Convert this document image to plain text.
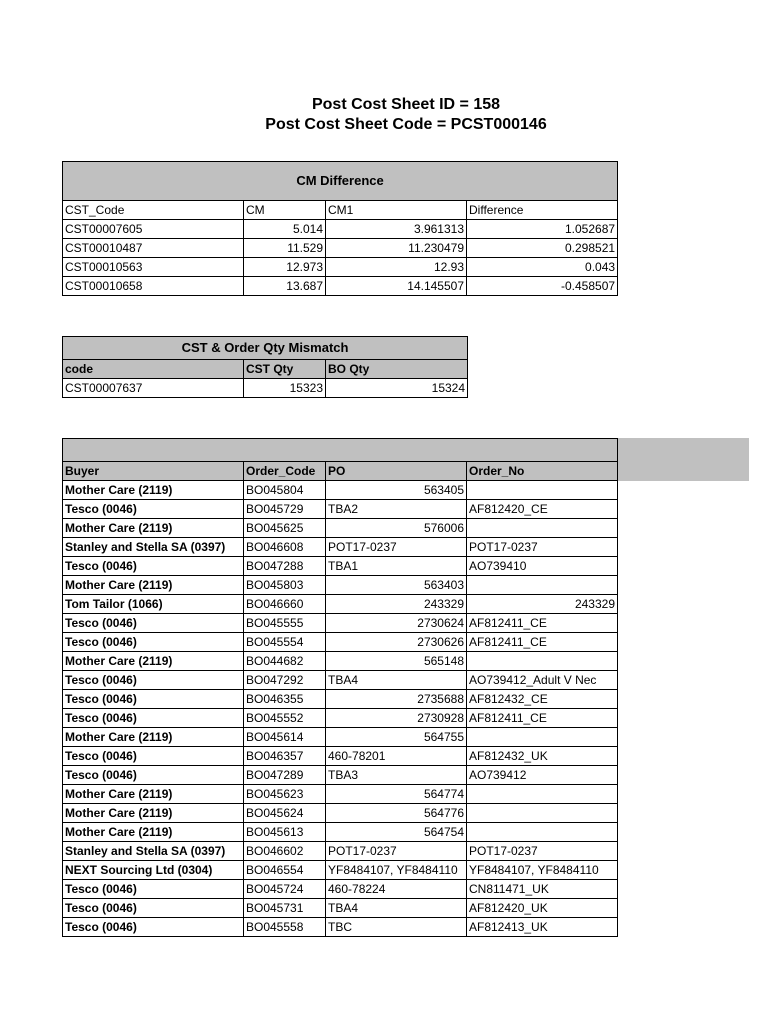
Post Cost Sheet ID = 158
Post Cost Sheet Code = PCST000146
CM Difference			
CST_Code	CM	CM1	Difference
CST00007605	5.014	3.961313	1.052687
CST00010487	11.529	11.230479	0.298521
CST00010563	12.973	12.93	0.043
CST00010658	13.687	14.145507	-0.458507
CST & Order Qty Mismatch		
code	CST Qty	BO Qty
CST00007637	15323	15324

Buyer	Order_Code	PO	Order_No
Mother Care (2119)	BO045804	563405	
Tesco (0046)	BO045729	TBA2	AF812420_CE
Mother Care (2119)	BO045625	576006	
Stanley and Stella SA (0397)	BO046608	POT17-0237	POT17-0237
Tesco (0046)	BO047288	TBA1	AO739410
Mother Care (2119)	BO045803	563403	
Tom Tailor (1066)	BO046660	243329	243329
Tesco (0046)	BO045555	2730624	AF812411_CE
Tesco (0046)	BO045554	2730626	AF812411_CE
Mother Care (2119)	BO044682	565148	
Tesco (0046)	BO047292	TBA4	AO739412_Adult V Nec
Tesco (0046)	BO046355	2735688	AF812432_CE
Tesco (0046)	BO045552	2730928	AF812411_CE
Mother Care (2119)	BO045614	564755	
Tesco (0046)	BO046357	460-78201	AF812432_UK
Tesco (0046)	BO047289	TBA3	AO739412
Mother Care (2119)	BO045623	564774	
Mother Care (2119)	BO045624	564776	
Mother Care (2119)	BO045613	564754	
Stanley and Stella SA (0397)	BO046602	POT17-0237	POT17-0237
NEXT Sourcing Ltd (0304)	BO046554	YF8484107, YF8484110	YF8484107, YF8484110
Tesco (0046)	BO045724	460-78224	CN811471_UK
Tesco (0046)	BO045731	TBA4	AF812420_UK
Tesco (0046)	BO045558	TBC	AF812413_UK
